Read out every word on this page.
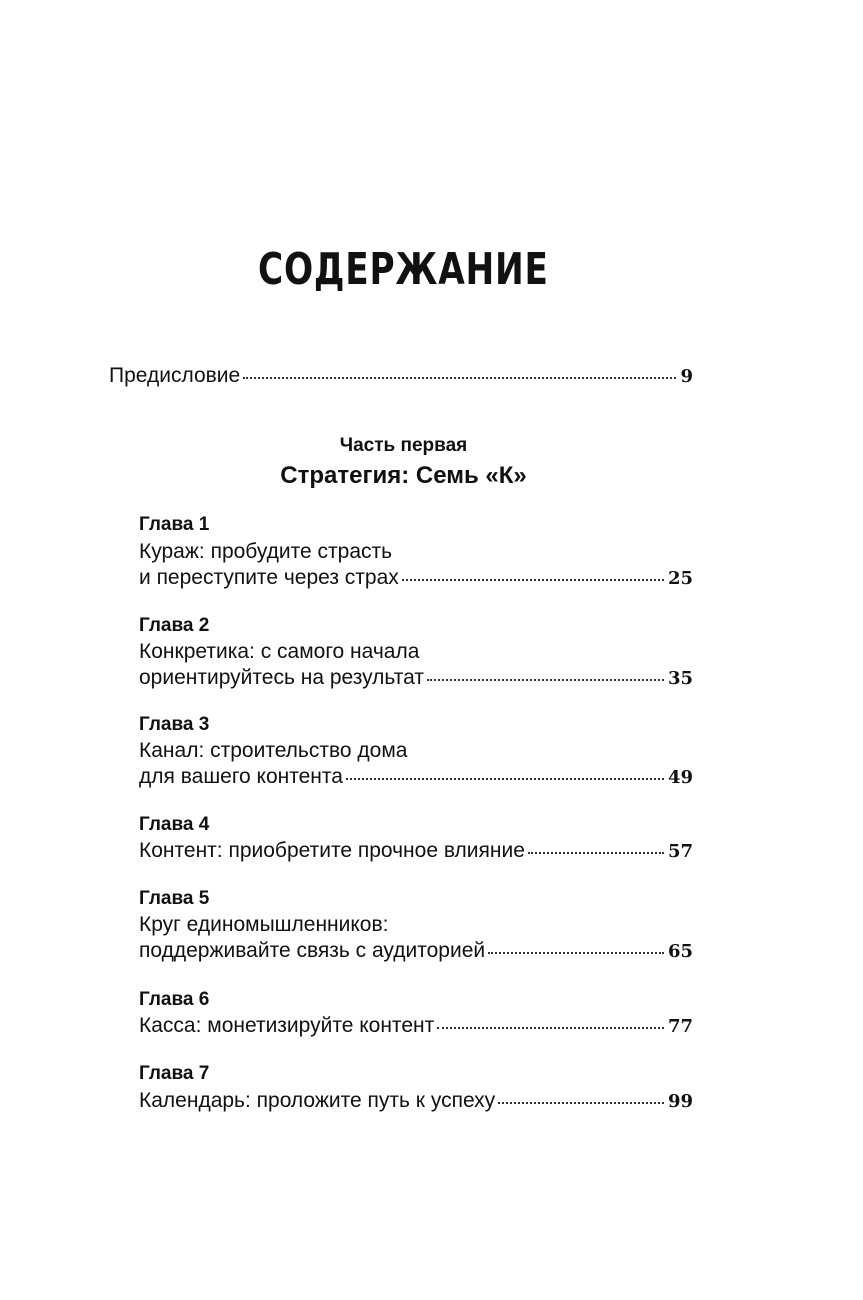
СОДЕРЖАНИЕ
Предисловие	9
Часть первая
Стратегия: Семь «К»
Глава 1
Кураж: пробудите страсть
и переступите через страх	25
Глава 2
Конкретика: с самого начала
ориентируйтесь на результат	35
Глава 3
Канал: строительство дома
для вашего контента	49
Глава 4
Контент: приобретите прочное влияние	57
Глава 5
Круг единомышленников:
поддерживайте связь с аудиторией	65
Глава 6
Касса: монетизируйте контент	77
Глава 7
Календарь: проложите путь к успеху	99
